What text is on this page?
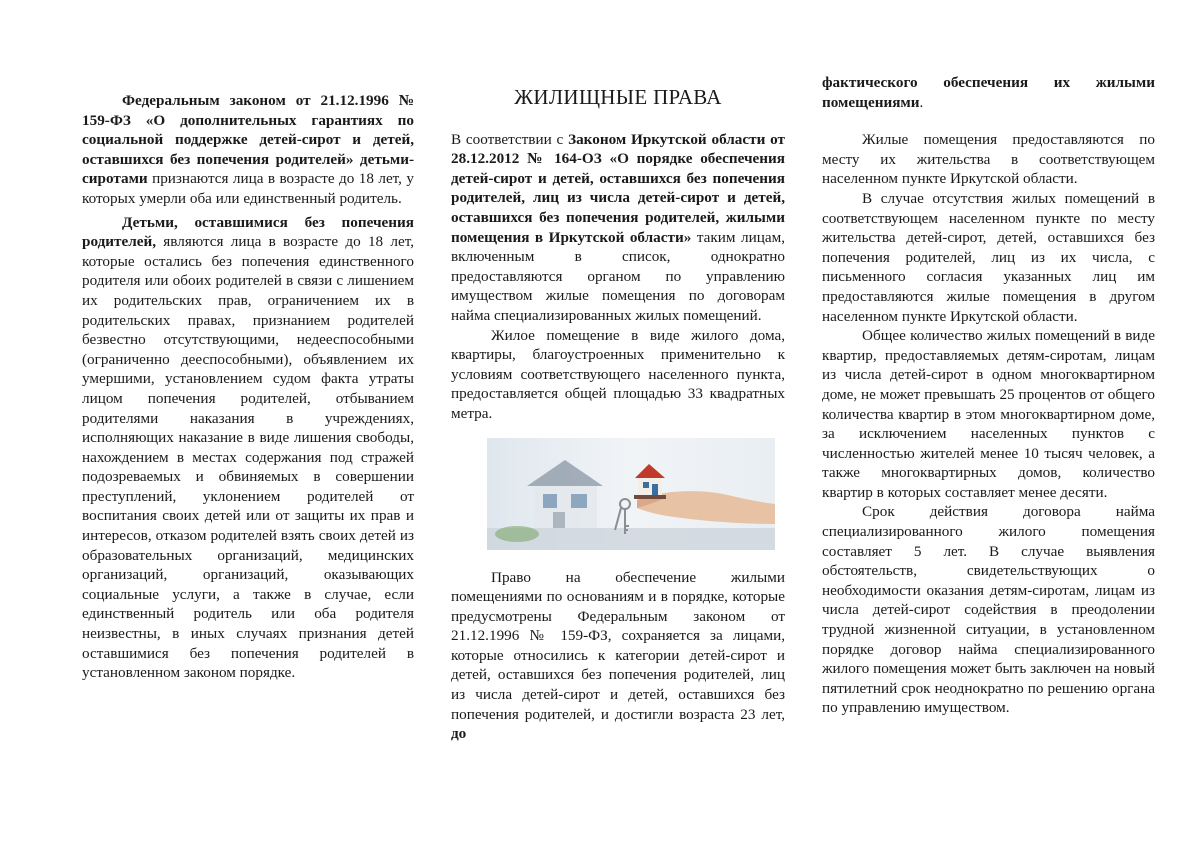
Федеральным законом от 21.12.1996 № 159-ФЗ «О дополнительных гарантиях по социальной поддержке детей-сирот и детей, оставшихся без попечения родителей» детьми-сиротами признаются лица в возрасте до 18 лет, у которых умерли оба или единственный родитель.

Детьми, оставшимися без попечения родителей, являются лица в возрасте до 18 лет, которые остались без попечения единственного родителя или обоих родителей в связи с лишением их родительских прав, ограничением их в родительских правах, признанием родителей безвестно отсутствующими, недееспособными (ограниченно дееспособными), объявлением их умершими, установлением судом факта утраты лицом попечения родителей, отбыванием родителями наказания в учреждениях, исполняющих наказание в виде лишения свободы, нахождением в местах содержания под стражей подозреваемых и обвиняемых в совершении преступлений, уклонением родителей от воспитания своих детей или от защиты их прав и интересов, отказом родителей взять своих детей из образовательных организаций, медицинских организаций, организаций, оказывающих социальные услуги, а также в случае, если единственный родитель или оба родителя неизвестны, в иных случаях признания детей оставшимися без попечения родителей в установленном законом порядке.

ЖИЛИЩНЫЕ ПРАВА

В соответствии с Законом Иркутской области от 28.12.2012 № 164-ОЗ «О порядке обеспечения детей-сирот и детей, оставшихся без попечения родителей, лиц из числа детей-сирот и детей, оставшихся без попечения родителей, жилыми помещения в Иркутской области» таким лицам, включенным в список, однократно предоставляются органом по управлению имуществом жилые помещения по договорам найма специализированных жилых помещений.

Жилое помещение в виде жилого дома, квартиры, благоустроенных применительно к условиям соответствующего населенного пункта, предоставляется общей площадью 33 квадратных метра.

Право на обеспечение жилыми помещениями по основаниям и в порядке, которые предусмотрены Федеральным законом от 21.12.1996 № 159-ФЗ, сохраняется за лицами, которые относились к категории детей-сирот и детей, оставшихся без попечения родителей, лиц из числа детей-сирот и детей, оставшихся без попечения родителей, и достигли возраста 23 лет, до

фактического обеспечения их жилыми помещениями.

Жилые помещения предоставляются по месту их жительства в соответствующем населенном пункте Иркутской области.

В случае отсутствия жилых помещений в соответствующем населенном пункте по месту жительства детей-сирот, детей, оставшихся без попечения родителей, лиц из их числа, с письменного согласия указанных лиц им предоставляются жилые помещения в другом населенном пункте Иркутской области.

Общее количество жилых помещений в виде квартир, предоставляемых детям-сиротам, лицам из числа детей-сирот в одном многоквартирном доме, не может превышать 25 процентов от общего количества квартир в этом многоквартирном доме, за исключением населенных пунктов с численностью жителей менее 10 тысяч человек, а также многоквартирных домов, количество квартир в которых составляет менее десяти.

Срок действия договора найма специализированного жилого помещения составляет 5 лет. В случае выявления обстоятельств, свидетельствующих о необходимости оказания детям-сиротам, лицам из числа детей-сирот содействия в преодолении трудной жизненной ситуации, в установленном порядке договор найма специализированного жилого помещения может быть заключен на новый пятилетний срок неоднократно по решению органа по управлению имуществом.
